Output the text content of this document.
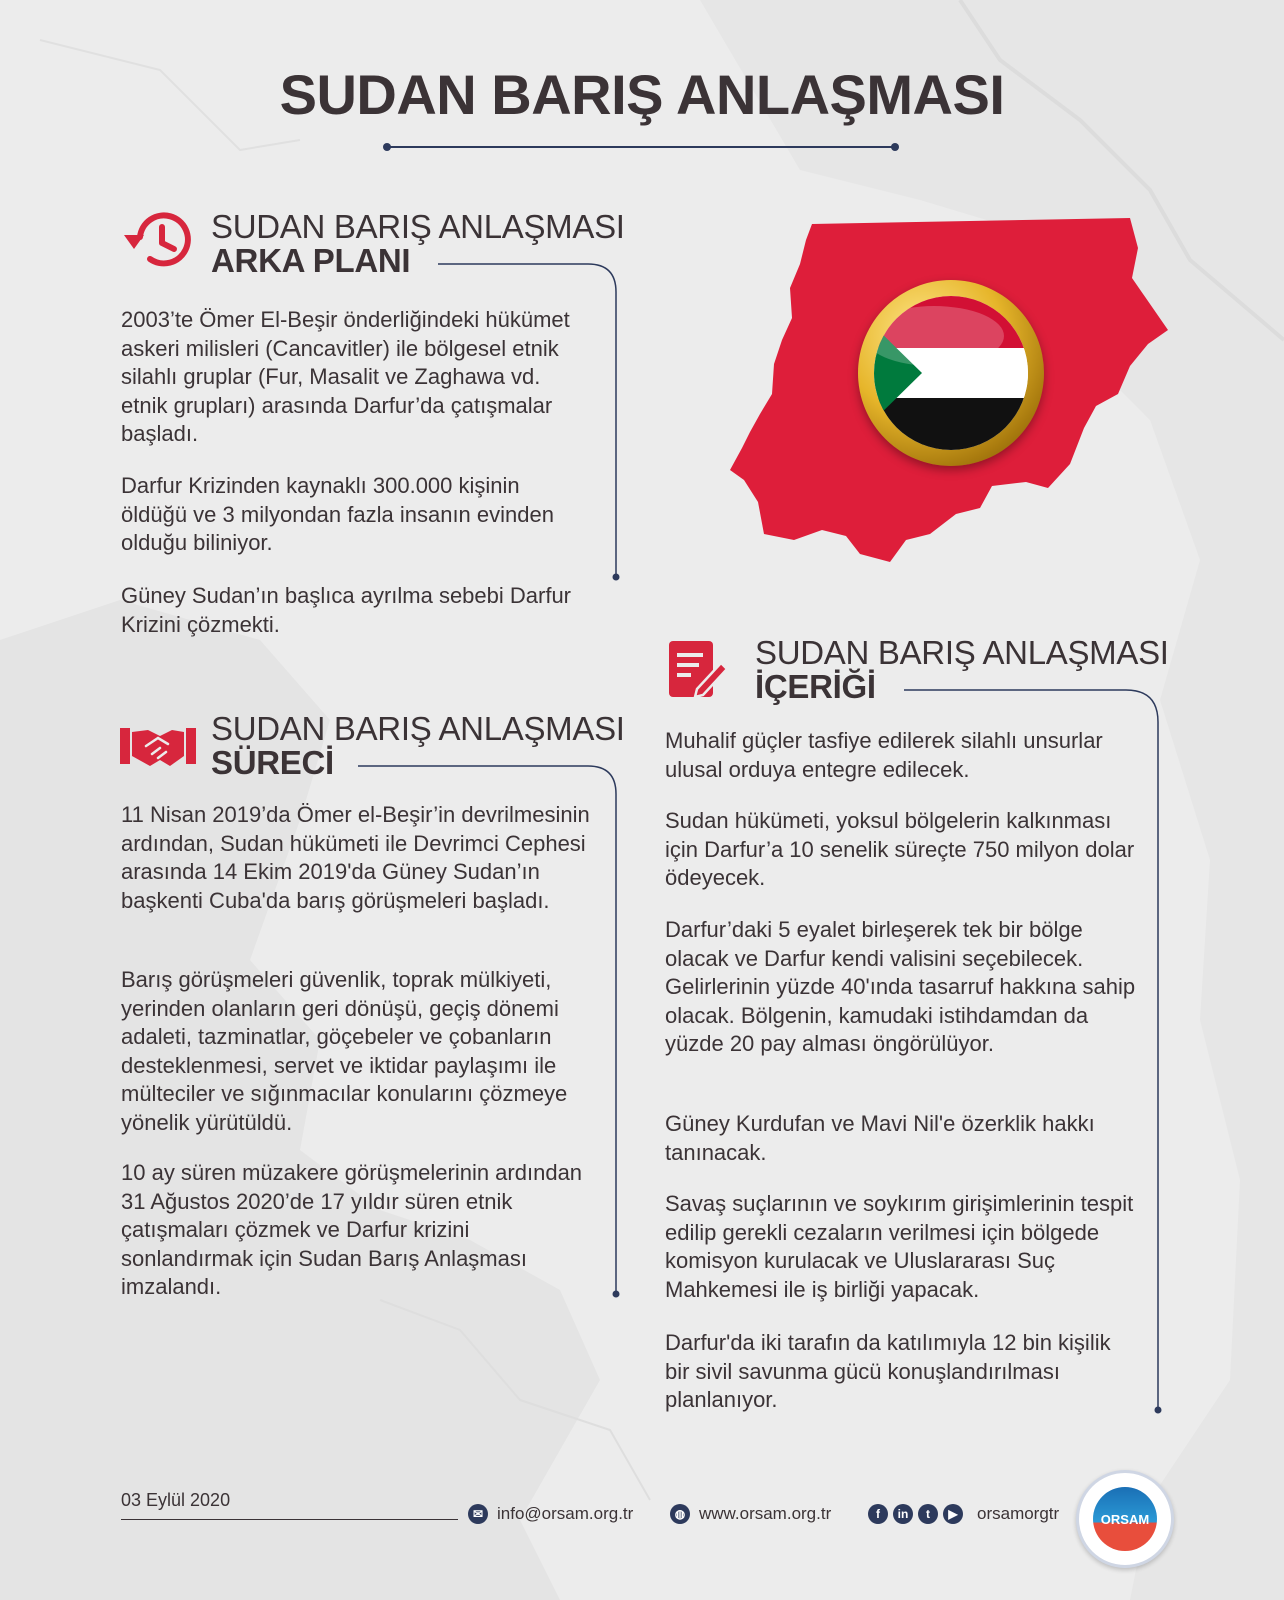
SUDAN BARIŞ ANLAŞMASI
SUDAN BARIŞ ANLAŞMASI
ARKA PLANI

2003’te Ömer El-Beşir önderliğindeki hükümet askeri milisleri (Cancavitler) ile bölgesel etnik silahlı gruplar (Fur, Masalit ve Zaghawa vd. etnik grupları) arasında Darfur’da çatışmalar başladı.

Darfur Krizinden kaynaklı 300.000 kişinin öldüğü ve 3 milyondan fazla insanın evinden olduğu biliniyor.

Güney Sudan’ın başlıca ayrılma sebebi Darfur Krizini çözmekti.

SUDAN BARIŞ ANLAŞMASI
SÜRECİ

11 Nisan 2019’da Ömer el-Beşir’in devrilmesinin ardından, Sudan hükümeti ile Devrimci Cephesi arasında 14 Ekim 2019'da Güney Sudan’ın başkenti Cuba'da barış görüşmeleri başladı.

Barış görüşmeleri güvenlik, toprak mülkiyeti, yerinden olanların geri dönüşü, geçiş dönemi adaleti, tazminatlar, göçebeler ve çobanların desteklenmesi, servet ve iktidar paylaşımı ile mülteciler ve sığınmacılar konularını çözmeye yönelik yürütüldü.

10 ay süren müzakere görüşmelerinin ardından 31 Ağustos 2020’de 17 yıldır süren etnik çatışmaları çözmek ve Darfur krizini sonlandırmak için Sudan Barış Anlaşması imzalandı.

SUDAN BARIŞ ANLAŞMASI
İÇERİĞİ

Muhalif güçler tasfiye edilerek silahlı unsurlar ulusal orduya entegre edilecek.

Sudan hükümeti, yoksul bölgelerin kalkınması için Darfur’a 10 senelik süreçte 750 milyon dolar ödeyecek.

Darfur’daki 5 eyalet birleşerek tek bir bölge olacak ve Darfur kendi valisini seçebilecek. Gelirlerinin yüzde 40'ında tasarruf hakkına sahip olacak. Bölgenin, kamudaki istihdamdan da yüzde 20 pay alması öngörülüyor.

Güney Kurdufan ve Mavi Nil'e özerklik hakkı tanınacak.

Savaş suçlarının ve soykırım girişimlerinin tespit edilip gerekli cezaların verilmesi için bölgede komisyon kurulacak ve Uluslararası Suç Mahkemesi ile iş birliği yapacak.

Darfur'da iki tarafın da katılımıyla 12 bin kişilik bir sivil savunma gücü konuşlandırılması planlanıyor.

03 Eylül 2020
✉ info@orsam.org.tr	◍ www.orsam.org.tr	f	in	t	▶	orsamorgtr	ORSAM
